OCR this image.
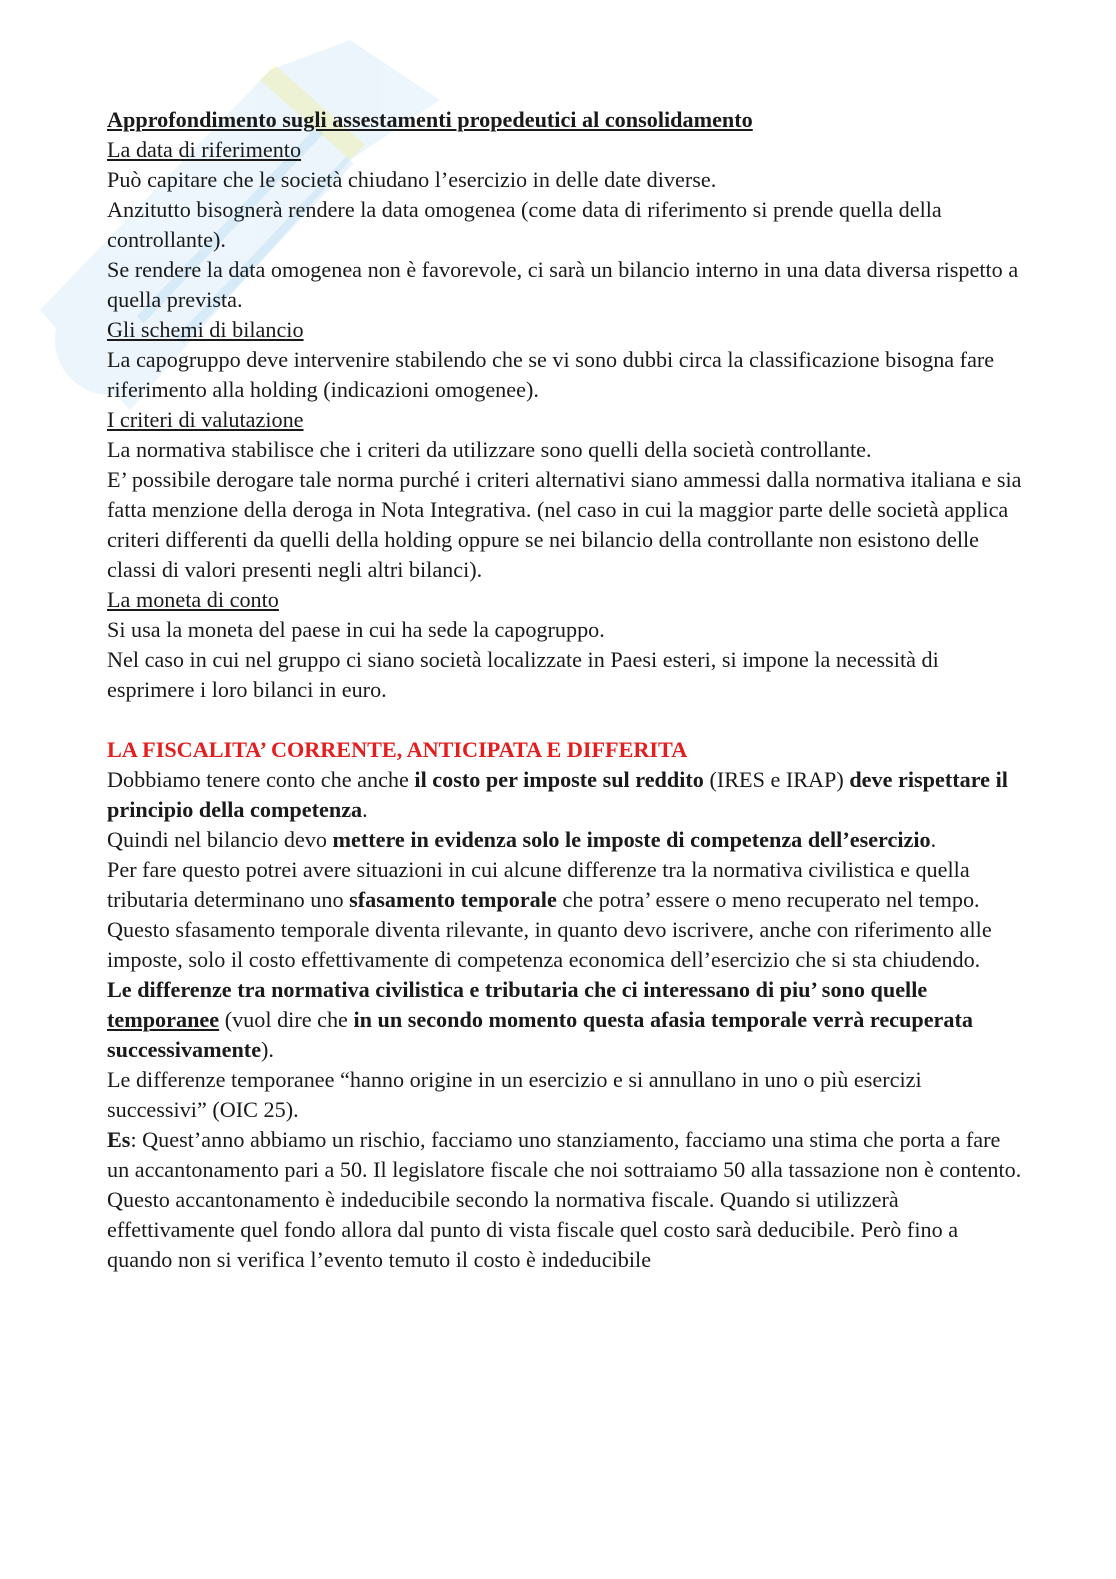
Approfondimento sugli assestamenti propedeutici al consolidamento

La data di riferimento

Può capitare che le società chiudano l’esercizio in delle date diverse.

Anzitutto bisognerà rendere la data omogenea (come data di riferimento si prende quella della controllante).

Se rendere la data omogenea non è favorevole, ci sarà un bilancio interno in una data diversa rispetto a quella prevista.

Gli schemi di bilancio

La capogruppo deve intervenire stabilendo che se vi sono dubbi circa la classificazione bisogna fare riferimento alla holding (indicazioni omogenee).

I criteri di valutazione

La normativa stabilisce che i criteri da utilizzare sono quelli della società controllante.

E’ possibile derogare tale norma purché i criteri alternativi siano ammessi dalla normativa italiana e sia fatta menzione della deroga in Nota Integrativa. (nel caso in cui la maggior parte delle società applica criteri differenti da quelli della holding oppure se nei bilancio della controllante non esistono delle classi di valori presenti negli altri bilanci).

La moneta di conto

Si usa la moneta del paese in cui ha sede la capogruppo.

Nel caso in cui nel gruppo ci siano società localizzate in Paesi esteri, si impone la necessità di esprimere i loro bilanci in euro.

LA FISCALITA’ CORRENTE, ANTICIPATA E DIFFERITA

Dobbiamo tenere conto che anche il costo per imposte sul reddito (IRES e IRAP) deve rispettare il principio della competenza.

Quindi nel bilancio devo mettere in evidenza solo le imposte di competenza dell’esercizio.

Per fare questo potrei avere situazioni in cui alcune differenze tra la normativa civilistica e quella tributaria determinano uno sfasamento temporale che potra’ essere o meno recuperato nel tempo.

Questo sfasamento temporale diventa rilevante, in quanto devo iscrivere, anche con riferimento alle imposte, solo il costo effettivamente di competenza economica dell’esercizio che si sta chiudendo.

Le differenze tra normativa civilistica e tributaria che ci interessano di piu’ sono quelle temporanee (vuol dire che in un secondo momento questa afasia temporale verrà recuperata successivamente).

Le differenze temporanee “hanno origine in un esercizio e si annullano in uno o più esercizi successivi” (OIC 25).

Es: Quest’anno abbiamo un rischio, facciamo uno stanziamento, facciamo una stima che porta a fare un accantonamento pari a 50. Il legislatore fiscale che noi sottraiamo 50 alla tassazione non è contento. Questo accantonamento è indeducibile secondo la normativa fiscale. Quando si utilizzerà effettivamente quel fondo allora dal punto di vista fiscale quel costo sarà deducibile. Però fino a quando non si verifica l’evento temuto il costo è indeducibile
